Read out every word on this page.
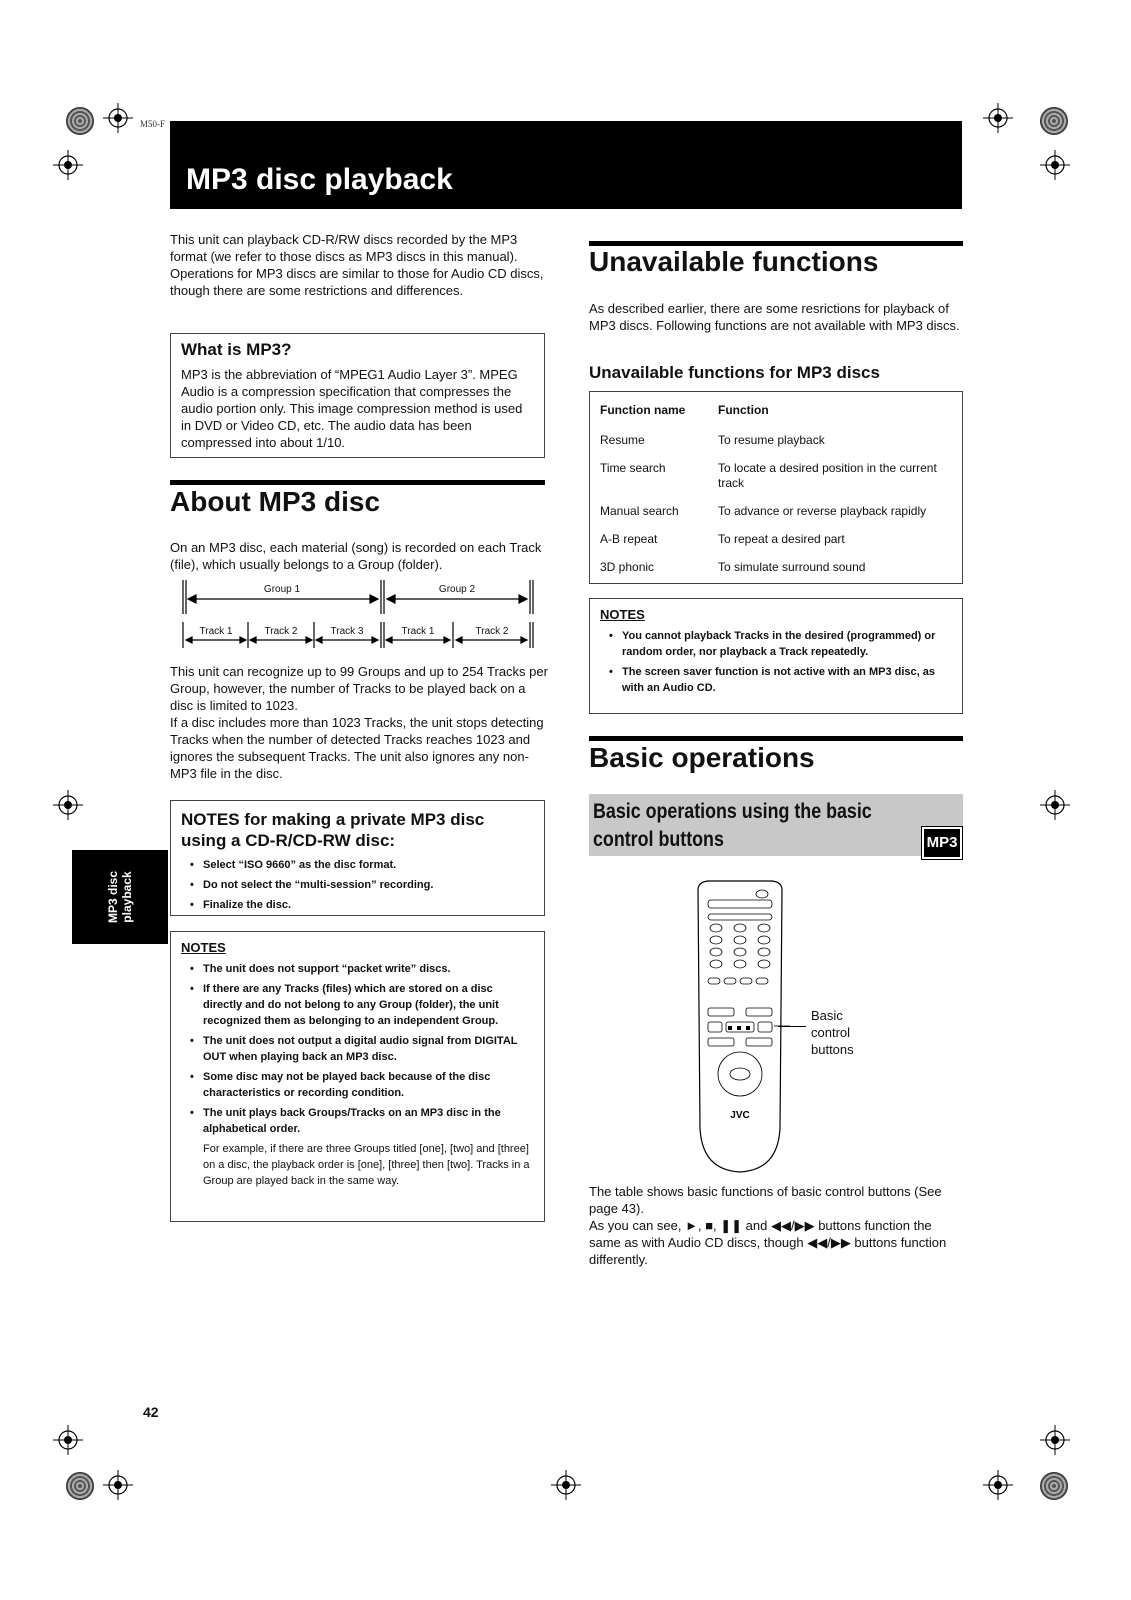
M50-F
MP3 disc playback
MP3 disc playback
This unit can playback CD-R/RW discs recorded by the MP3 format (we refer to those discs as MP3 discs in this manual). Operations for MP3 discs are similar to those for Audio CD discs, though there are some restrictions and differences.
What is MP3?
MP3 is the abbreviation of “MPEG1 Audio Layer 3”. MPEG Audio is a compression specification that compresses the audio portion only. This image compression method is used in DVD or Video CD, etc. The audio data has been compressed into about 1/10.
About MP3 disc
On an MP3 disc, each material (song) is recorded on each Track (file), which usually belongs to a Group (folder).
Group 1	Group 2
Track 1	Track 2	Track 3	Track 1	Track 2
This unit can recognize up to 99 Groups and up to 254 Tracks per Group, however, the number of Tracks to be played back on a disc is limited to 1023.
If a disc includes more than 1023 Tracks, the unit stops detecting Tracks when the number of detected Tracks reaches 1023 and ignores the subsequent Tracks. The unit also ignores any non-MP3 file in the disc.
NOTES for making a private MP3 disc using a CD-R/CD-RW disc:
• Select “ISO 9660” as the disc format.
• Do not select the “multi-session” recording.
• Finalize the disc.
NOTES
• The unit does not support “packet write” discs.
• If there are any Tracks (files) which are stored on a disc directly and do not belong to any Group (folder), the unit recognized them as belonging to an independent Group.
• The unit does not output a digital audio signal from DIGITAL OUT when playing back an MP3 disc.
• Some disc may not be played back because of the disc characteristics or recording condition.
• The unit plays back Groups/Tracks on an MP3 disc in the alphabetical order.
For example, if there are three Groups titled [one], [two] and [three] on a disc, the playback order is [one], [three] then [two]. Tracks in a Group are played back in the same way.
42
Unavailable functions
As described earlier, there are some resrictions for playback of MP3 discs. Following functions are not available with MP3 discs.
Unavailable functions for MP3 discs
Function name	Function

Resume	To resume playback
Time search	To locate a desired position in the current track
Manual search	To advance or reverse playback rapidly
A-B repeat	To repeat a desired part
3D phonic	To simulate surround sound
NOTES
• You cannot playback Tracks in the desired (programmed) or random order, nor playback a Track repeatedly.
• The screen saver function is not active with an MP3 disc, as with an Audio CD.
Basic operations
Basic operations using the basic
control buttons	MP3
JVC
Basic control buttons
The table shows basic functions of basic control buttons (See page 43).
As you can see, ►, ■, ❚❚ and ◀◀/▶▶ buttons function the same as with Audio CD discs, though ◀◀/▶▶ buttons function differently.
